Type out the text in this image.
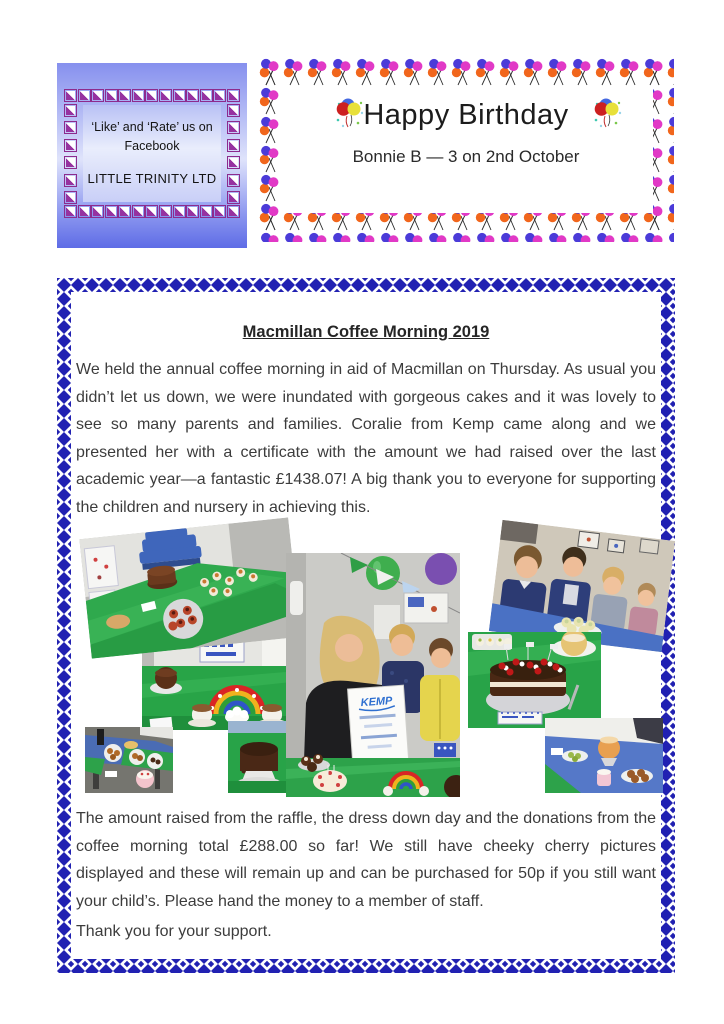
‘Like’ and ‘Rate’ us on
Facebook
LITTLE TRINITY LTD
Happy Birthday
Bonnie B — 3 on 2nd October
Macmillan Coffee Morning 2019
We held the annual coffee morning in aid of Macmillan on Thursday. As usual you didn’t let us down, we were inundated with gorgeous cakes and it was lovely to see so many parents and families. Coralie from Kemp came along and we presented her with a certificate with the amount we had raised over the last academic year—a fantastic £1438.07! A big thank you to everyone for supporting the children and nursery in achieving this.
KEMP
The amount raised from the raffle, the dress down day and the donations from the coffee morning total £288.00 so far! We still have cheeky cherry pictures displayed and these will remain up and can be purchased for 50p if you still want your child’s. Please hand the money to a member of staff.
Thank you for your support.
